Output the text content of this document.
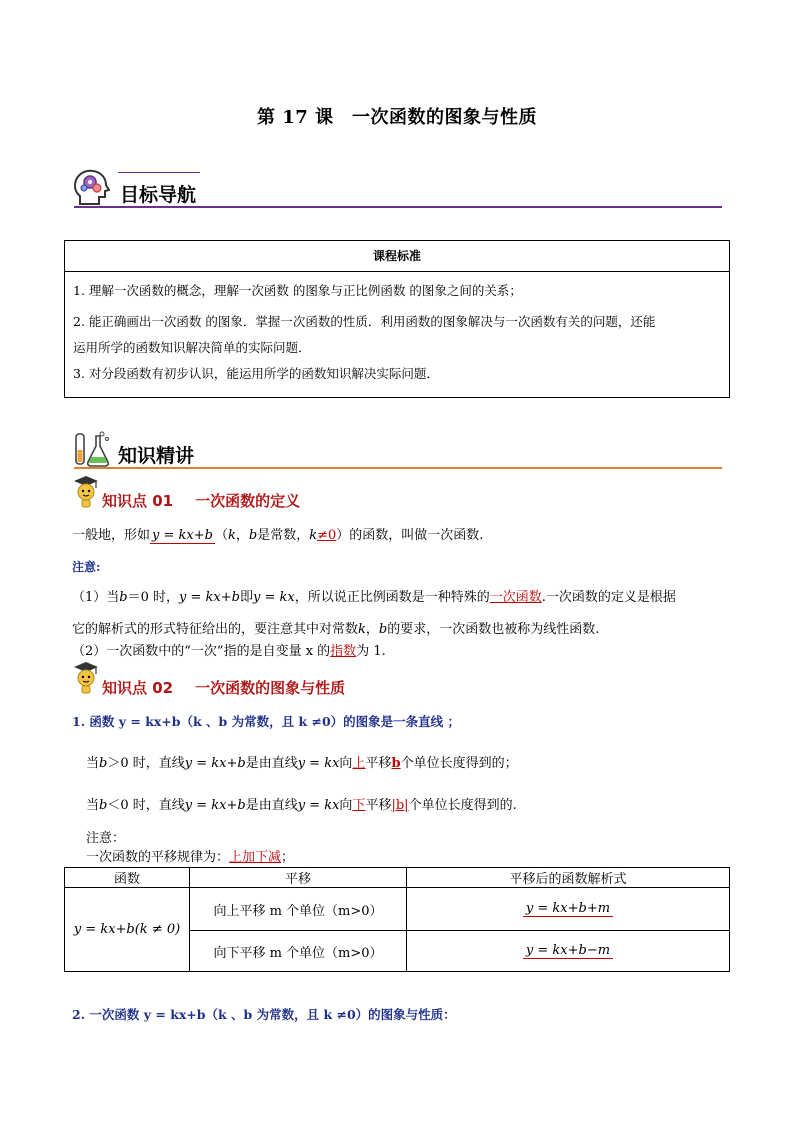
第 17 课　一次函数的图象与性质
目标导航
课程标准
1. 理解一次函数的概念，理解一次函数 的图象与正比例函数 的图象之间的关系；
2. 能正确画出一次函数 的图象．掌握一次函数的性质．利用函数的图象解决与一次函数有关的问题，还能
运用所学的函数知识解决简单的实际问题．
3. 对分段函数有初步认识，能运用所学的函数知识解决实际问题．
知识精讲
知识点 01 一次函数的定义
一般地，形如 y = kx+b （k，b是常数，k≠0）的函数，叫做一次函数.
注意:
（1）当b＝0 时，y = kx+b即y = kx，所以说正比例函数是一种特殊的一次函数.一次函数的定义是根据
它的解析式的形式特征给出的，要注意其中对常数k，b的要求，一次函数也被称为线性函数.
（2）一次函数中的“一次”指的是自变量 x 的指数为 1.
知识点 02 一次函数的图象与性质
1. 函数 y = kx+b（k 、b 为常数，且 k ≠0）的图象是一条直线 ；
当b＞0 时，直线y = kx+b是由直线y = kx向上平移b个单位长度得到的；
当b＜0 时，直线y = kx+b是由直线y = kx向下平移|b|个单位长度得到的.
注意：
一次函数的平移规律为：上加下减；
函数	平移	平移后的函数解析式
y = kx+b(k ≠ 0)	向上平移 m 个单位（m>0）	y = kx+b+m
	向下平移 m 个单位（m>0）	y = kx+b−m
2. 一次函数 y = kx+b（k 、b 为常数，且 k ≠0）的图象与性质：
